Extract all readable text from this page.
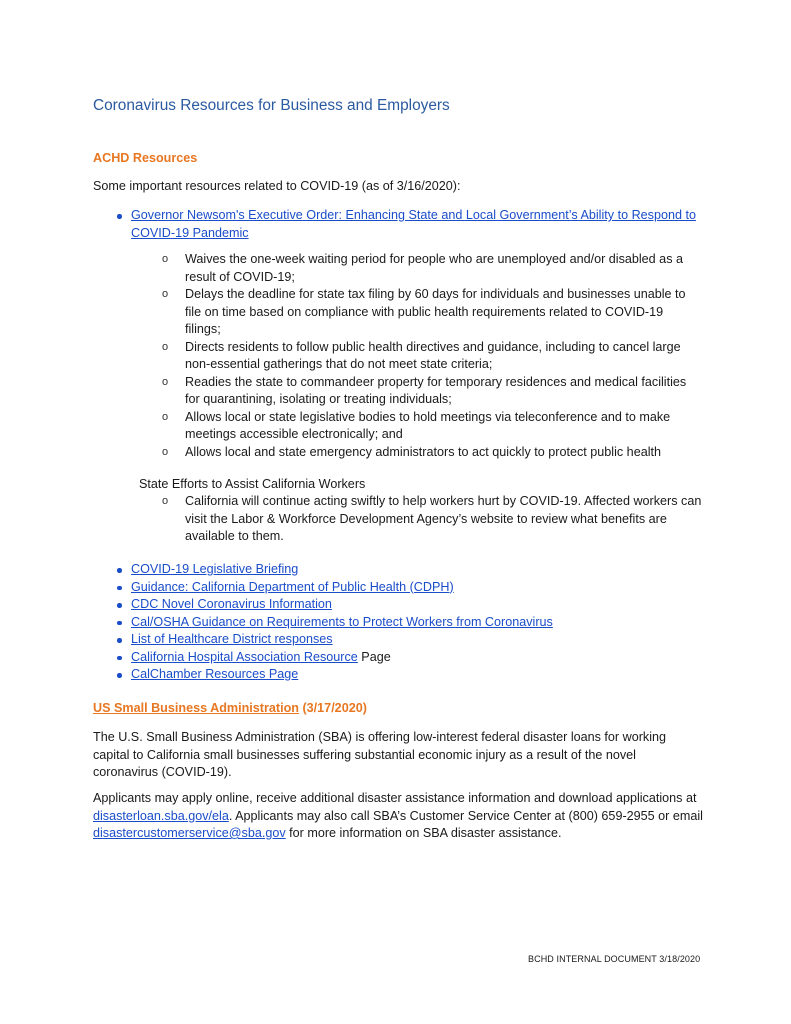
Coronavirus Resources for Business and Employers
ACHD Resources
Some important resources related to COVID-19 (as of 3/16/2020):
Governor Newsom's Executive Order: Enhancing State and Local Government’s Ability to Respond to COVID-19 Pandemic
o Waives the one-week waiting period for people who are unemployed and/or disabled as a result of COVID-19;
o Delays the deadline for state tax filing by 60 days for individuals and businesses unable to file on time based on compliance with public health requirements related to COVID-19 filings;
o Directs residents to follow public health directives and guidance, including to cancel large non-essential gatherings that do not meet state criteria;
o Readies the state to commandeer property for temporary residences and medical facilities for quarantining, isolating or treating individuals;
o Allows local or state legislative bodies to hold meetings via teleconference and to make meetings accessible electronically; and
o Allows local and state emergency administrators to act quickly to protect public health
State Efforts to Assist California Workers
o California will continue acting swiftly to help workers hurt by COVID-19. Affected workers can visit the Labor & Workforce Development Agency’s website to review what benefits are available to them.
COVID-19 Legislative Briefing
Guidance: California Department of Public Health (CDPH)
CDC Novel Coronavirus Information
Cal/OSHA Guidance on Requirements to Protect Workers from Coronavirus
List of Healthcare District responses
California Hospital Association Resource Page
CalChamber Resources Page
US Small Business Administration (3/17/2020)

The U.S. Small Business Administration (SBA) is offering low-interest federal disaster loans for working capital to California small businesses suffering substantial economic injury as a result of the novel coronavirus (COVID-19).

Applicants may apply online, receive additional disaster assistance information and download applications at disasterloan.sba.gov/ela. Applicants may also call SBA’s Customer Service Center at (800) 659-2955 or email disastercustomerservice@sba.gov for more information on SBA disaster assistance.

BCHD INTERNAL DOCUMENT 3/18/2020
